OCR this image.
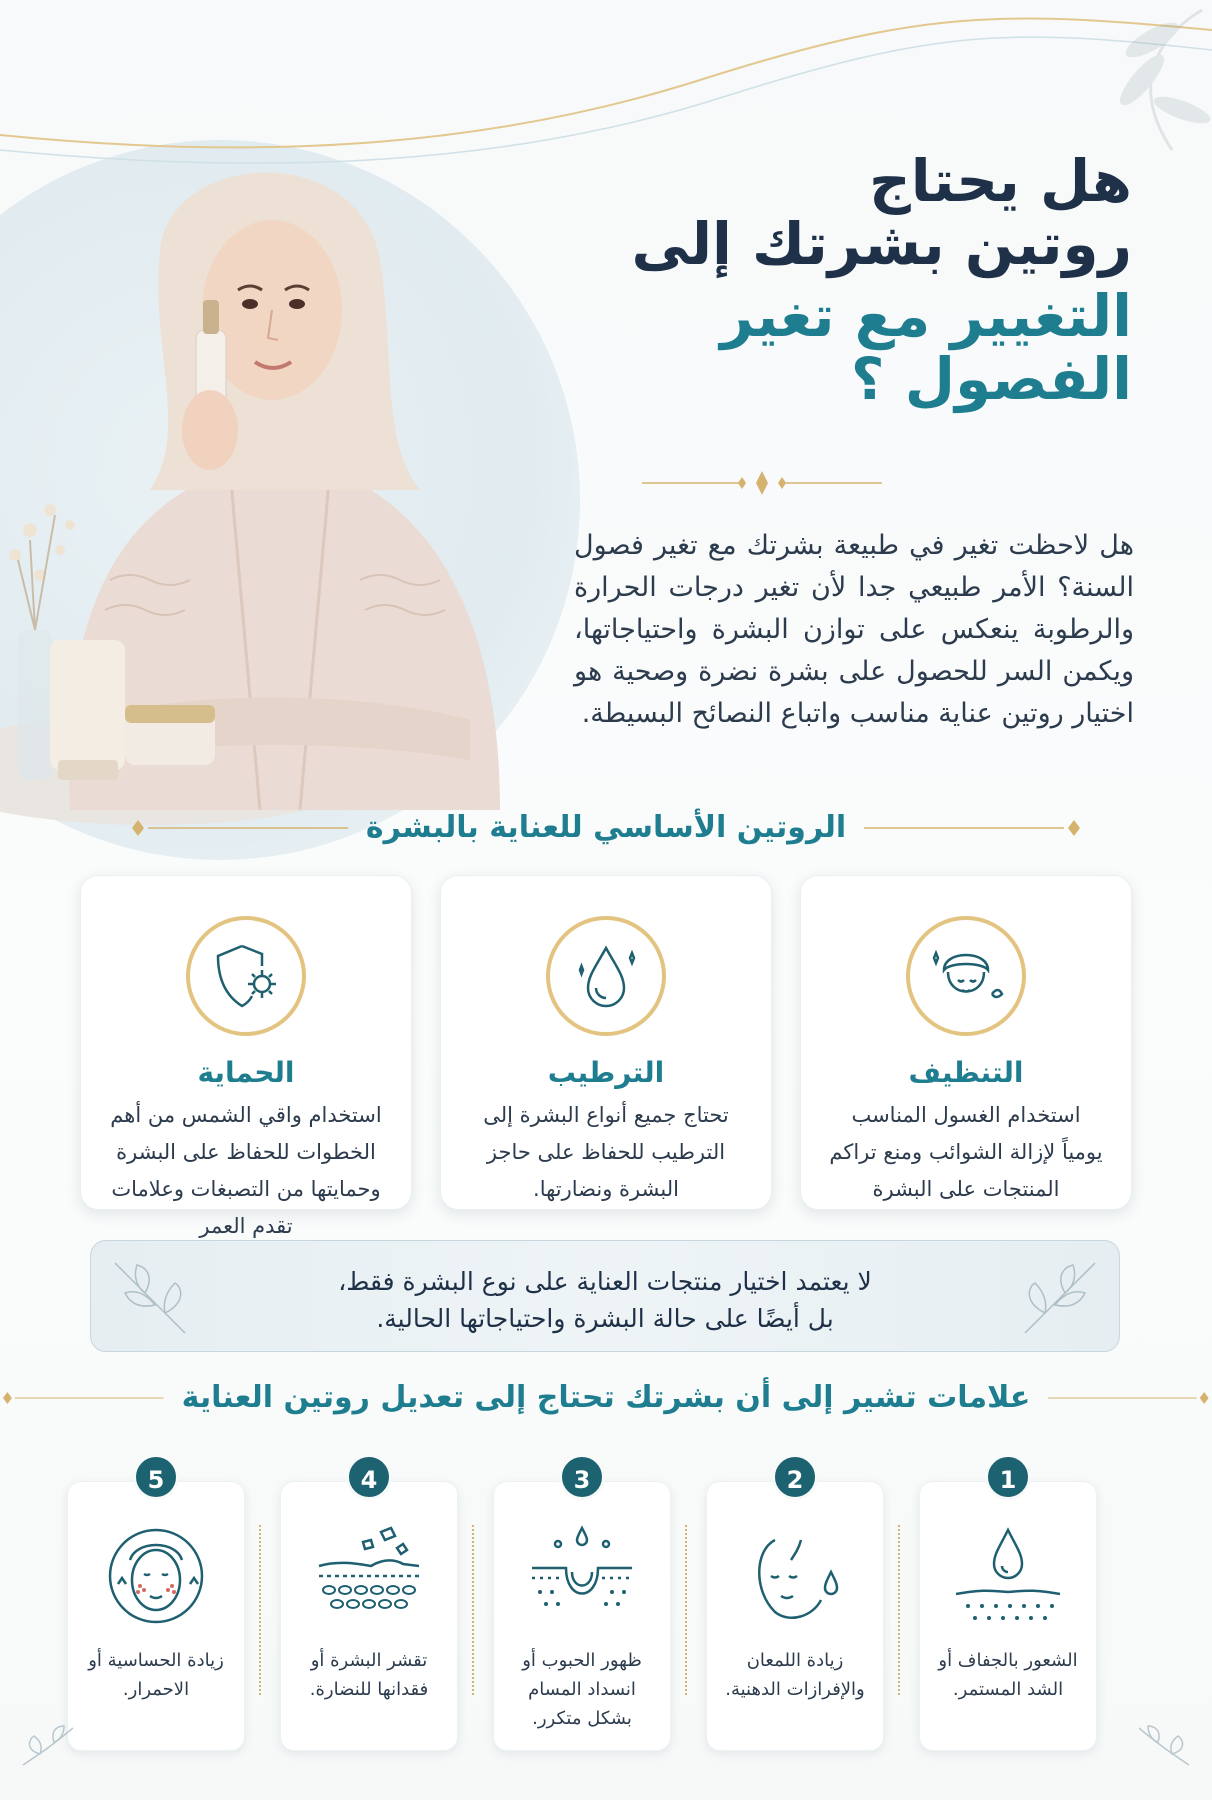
هل يحتاج
روتين بشرتك إلى
التغيير مع تغير الفصول ؟

هل لاحظت تغير في طبيعة بشرتك مع تغير فصول السنة؟ الأمر طبيعي جدا لأن تغير درجات الحرارة والرطوبة ينعكس على توازن البشرة واحتياجاتها، ويكمن السر للحصول على بشرة نضرة وصحية هو اختيار روتين عناية مناسب واتباع النصائح البسيطة.

الروتين الأساسي للعناية بالبشرة
التنظيف

استخدام الغسول المناسب يومياً لإزالة الشوائب ومنع تراكم المنتجات على البشرة

الترطيب

تحتاج جميع أنواع البشرة إلى الترطيب للحفاظ على حاجز البشرة ونضارتها.

الحماية

استخدام واقي الشمس من أهم الخطوات للحفاظ على البشرة وحمايتها من التصبغات وعلامات تقدم العمر

لا يعتمد اختيار منتجات العناية على نوع البشرة فقط،

بل أيضًا على حالة البشرة واحتياجاتها الحالية.

علامات تشير إلى أن بشرتك تحتاج إلى تعديل روتين العناية
1

الشعور بالجفاف أو الشد المستمر.

2

زيادة اللمعان والإفرازات الدهنية.

3

ظهور الحبوب أو انسداد المسام بشكل متكرر.

4

تقشر البشرة أو فقدانها للنضارة.

5

زيادة الحساسية أو الاحمرار.
